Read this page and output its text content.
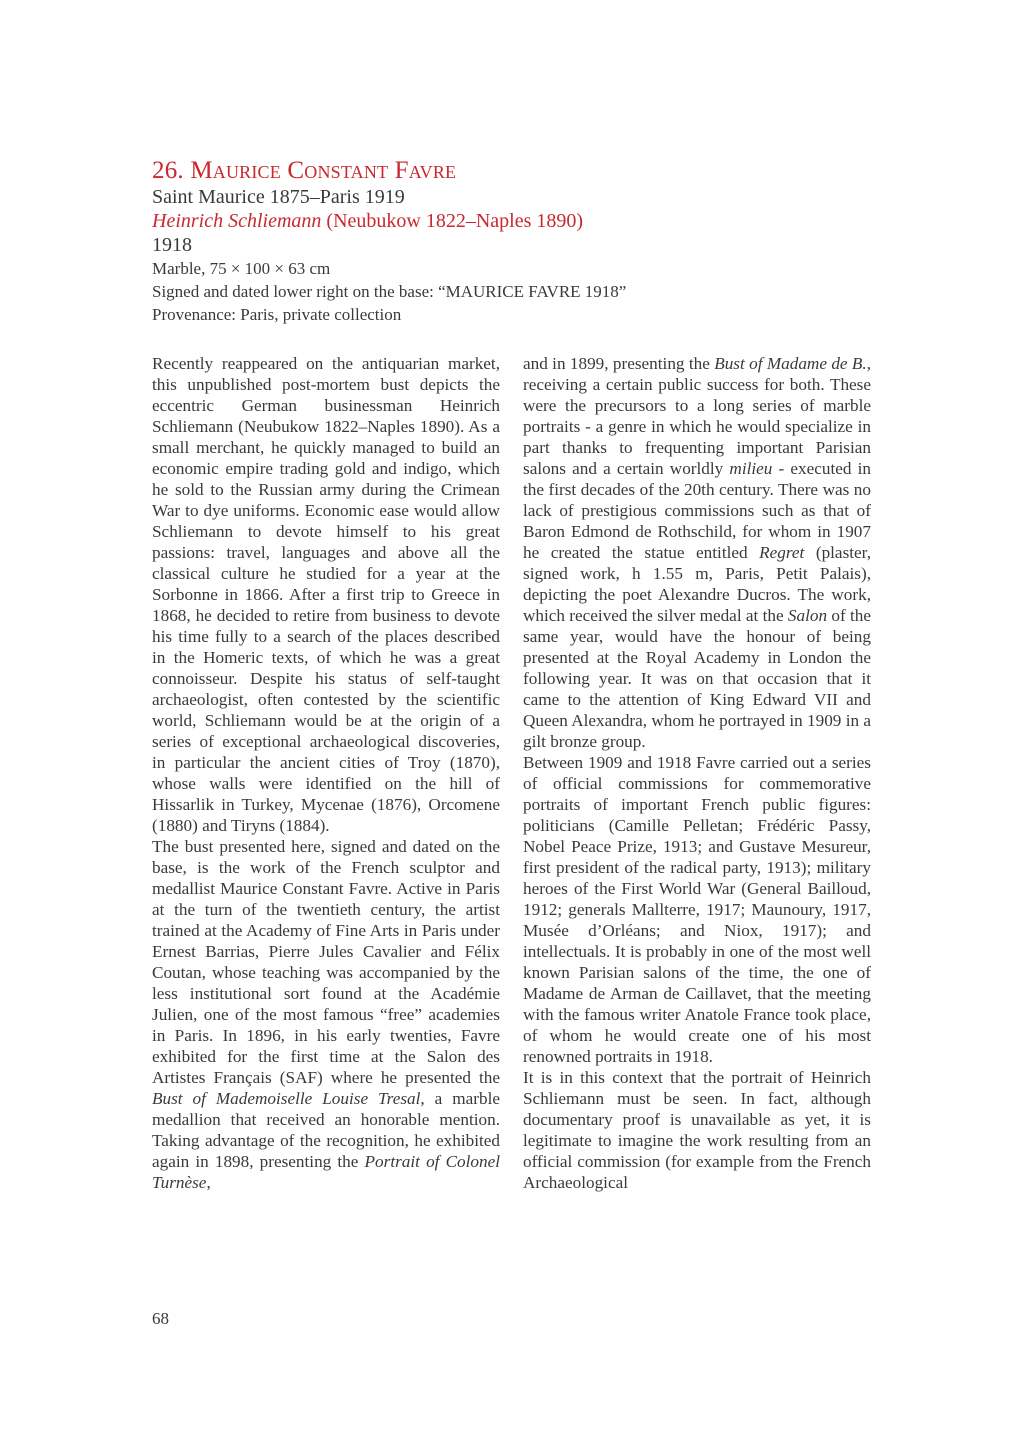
26. Maurice Constant Favre

Saint Maurice 1875–Paris 1919

Heinrich Schliemann (Neubukow 1822–Naples 1890)

1918

Marble, 75 × 100 × 63 cm

Signed and dated lower right on the base: “MAURICE FAVRE 1918”

Provenance: Paris, private collection

Recently reappeared on the antiquarian market, this unpublished post-mortem bust depicts the eccentric German businessman Heinrich Schliemann (Neubukow 1822–Naples 1890). As a small merchant, he quickly managed to build an economic empire trading gold and indigo, which he sold to the Russian army during the Crimean War to dye uniforms. Economic ease would allow Schliemann to devote himself to his great passions: travel, languages and above all the classical culture he studied for a year at the Sorbonne in 1866. After a first trip to Greece in 1868, he decided to retire from business to devote his time fully to a search of the places described in the Homeric texts, of which he was a great connoisseur. Despite his status of self-taught archaeologist, often contested by the scientific world, Schliemann would be at the origin of a series of exceptional archaeological discoveries, in particular the ancient cities of Troy (1870), whose walls were identified on the hill of Hissarlik in Turkey, Mycenae (1876), Orcomene (1880) and Tiryns (1884).

The bust presented here, signed and dated on the base, is the work of the French sculptor and medallist Maurice Constant Favre. Active in Paris at the turn of the twentieth century, the artist trained at the Academy of Fine Arts in Paris under Ernest Barrias, Pierre Jules Cavalier and Félix Coutan, whose teaching was accompanied by the less institutional sort found at the Académie Julien, one of the most famous “free” academies in Paris. In 1896, in his early twenties, Favre exhibited for the first time at the Salon des Artistes Français (SAF) where he presented the Bust of Mademoiselle Louise Tresal, a marble medallion that received an honorable mention. Taking advantage of the recognition, he exhibited again in 1898, presenting the Portrait of Colonel Turnèse,

and in 1899, presenting the Bust of Madame de B., receiving a certain public success for both. These were the precursors to a long series of marble portraits - a genre in which he would specialize in part thanks to frequenting important Parisian salons and a certain worldly milieu - executed in the first decades of the 20th century. There was no lack of prestigious commissions such as that of Baron Edmond de Rothschild, for whom in 1907 he created the statue entitled Regret (plaster, signed work, h 1.55 m, Paris, Petit Palais), depicting the poet Alexandre Ducros. The work, which received the silver medal at the Salon of the same year, would have the honour of being presented at the Royal Academy in London the following year. It was on that occasion that it came to the attention of King Edward VII and Queen Alexandra, whom he portrayed in 1909 in a gilt bronze group.

Between 1909 and 1918 Favre carried out a series of official commissions for commemorative portraits of important French public figures: politicians (Camille Pelletan; Frédéric Passy, Nobel Peace Prize, 1913; and Gustave Mesureur, first president of the radical party, 1913); military heroes of the First World War (General Bailloud, 1912; generals Mallterre, 1917; Maunoury, 1917, Musée d’Orléans; and Niox, 1917); and intellectuals. It is probably in one of the most well known Parisian salons of the time, the one of Madame de Arman de Caillavet, that the meeting with the famous writer Anatole France took place, of whom he would create one of his most renowned portraits in 1918.

It is in this context that the portrait of Heinrich Schliemann must be seen. In fact, although documentary proof is unavailable as yet, it is legitimate to imagine the work resulting from an official commission (for example from the French Archaeological

68
